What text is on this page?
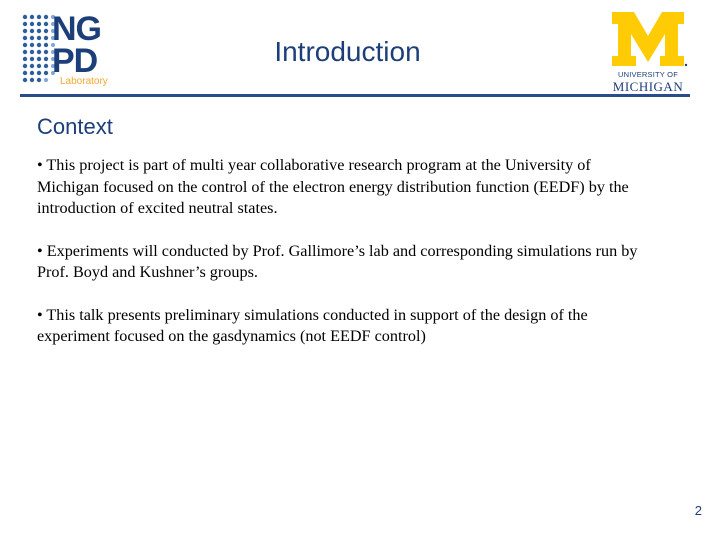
NG
PD
Laboratory
Introduction
UNIVERSITY OF
MICHIGAN
Context

• This project is part of multi year collaborative research program at the University of Michigan focused on the control of the electron energy distribution function (EEDF) by the introduction of excited neutral states.

• Experiments will conducted by Prof. Gallimore’s lab and corresponding simulations run by Prof. Boyd and Kushner’s groups.

• This talk presents preliminary simulations conducted in support of the design of the experiment focused on the gasdynamics (not EEDF control)

2
